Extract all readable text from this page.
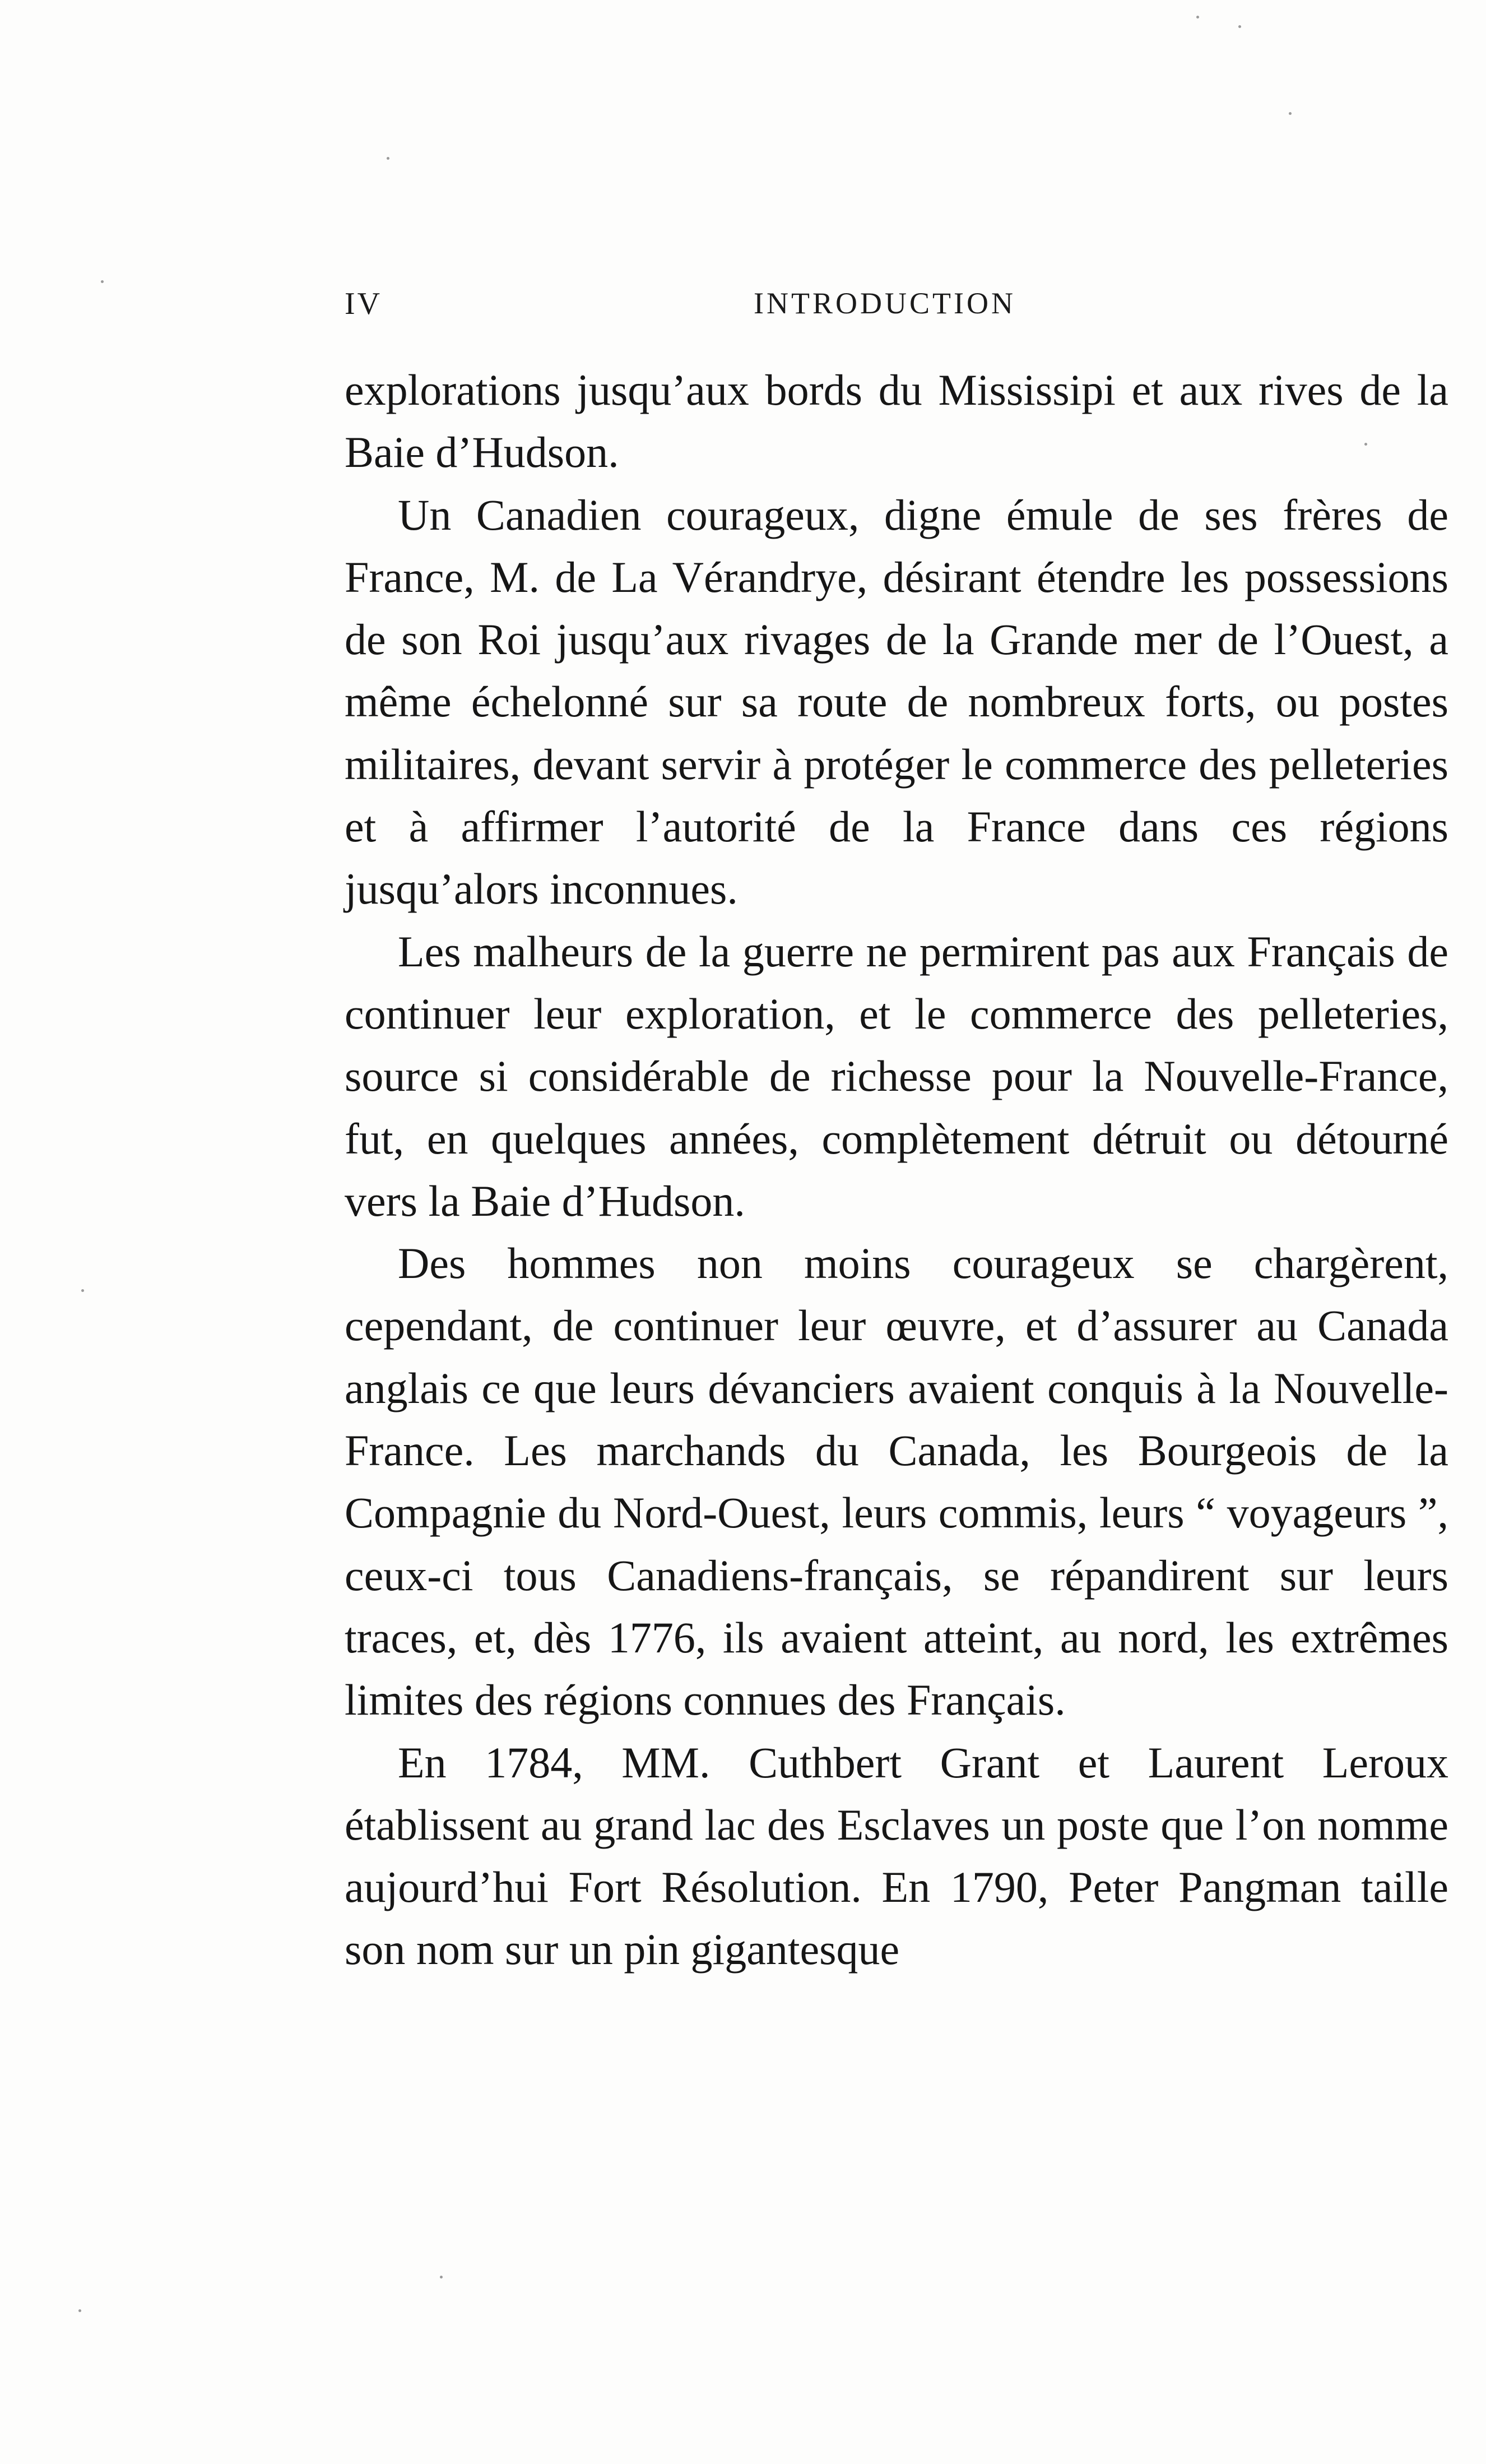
IV	INTRODUCTION

explorations jusqu’aux bords du Mississipi et aux rives de la Baie d’Hudson.

Un Canadien courageux, digne émule de ses frères de France, M. de La Vérandrye, désirant étendre les possessions de son Roi jusqu’aux rivages de la Grande mer de l’Ouest, a même échelonné sur sa route de nombreux forts, ou postes militaires, devant servir à protéger le commerce des pelleteries et à affirmer l’autorité de la France dans ces régions jusqu’alors inconnues.

Les malheurs de la guerre ne permirent pas aux Français de continuer leur exploration, et le commerce des pelleteries, source si considérable de richesse pour la Nouvelle-France, fut, en quelques années, complètement détruit ou détourné vers la Baie d’Hudson.

Des hommes non moins courageux se chargèrent, cependant, de continuer leur œuvre, et d’assurer au Canada anglais ce que leurs dévanciers avaient conquis à la Nouvelle-France. Les marchands du Canada, les Bourgeois de la Compagnie du Nord-Ouest, leurs commis, leurs “ voyageurs ”, ceux-ci tous Canadiens-français, se répandirent sur leurs traces, et, dès 1776, ils avaient atteint, au nord, les extrêmes limites des régions connues des Français.

En 1784, MM. Cuthbert Grant et Laurent Leroux établissent au grand lac des Esclaves un poste que l’on nomme aujourd’hui Fort Résolution. En 1790, Peter Pangman taille son nom sur un pin gigantesque
